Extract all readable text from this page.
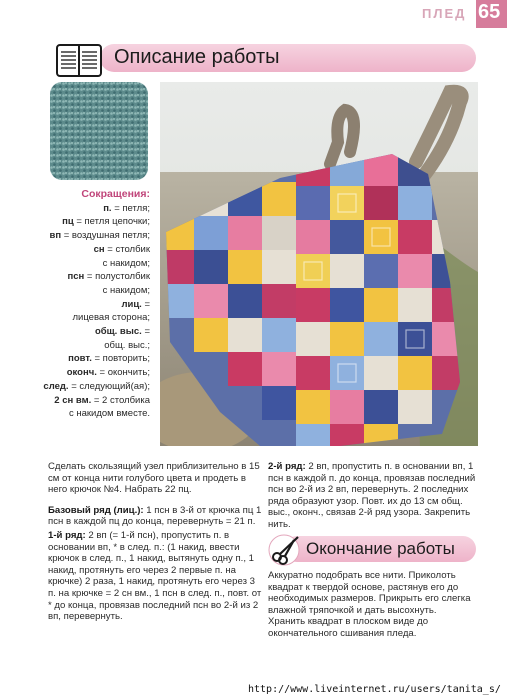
ПЛЕД 65
Описание работы
Сокращения:
п. = петля;
пц = петля цепочки;
вп = воздушная петля;
сн = столбик
с накидом;
псн = полустолбик
с накидом;
лиц. =
лицевая сторона;
общ. выс. =
общ. выс.;
повт. = повторить;
оконч. = окончить;
след. = следующий(ая);
2 сн вм. = 2 столбика
с накидом вместе.

Сделать скользящий узел приблизительно в 15 см от конца нити голубого цвета и продеть в него крючок №4. Набрать 22 пц.

Базовый ряд (лиц.): 1 псн в 3-й от крючка пц 1 псн в каждой пц до конца, перевернуть = 21 п.

1-й ряд: 2 вп (= 1-й псн), пропустить п. в основании вп, * в след. п.: (1 накид, ввести крючок в след. п., 1 накид, вытянуть одну п., 1 накид, протянуть его через 2 первые п. на крючке) 2 раза, 1 накид, протянуть его через 3 п. на крючке = 2 сн вм., 1 псн в след. п., повт. от * до конца, провязав последний псн во 2-й из 2 вп, перевернуть.

2-й ряд: 2 вп, пропустить п. в основании вп, 1 псн в каждой п. до конца, провязав последний псн во 2-й из 2 вп, перевернуть. 2 последних ряда образуют узор. Повт. их до 13 см общ. выс., оконч., связав 2-й ряд узора. Закрепить нить.

Окончание работы
Аккуратно подобрать все нити. Приколоть квадрат к твердой основе, растянув его до необходимых размеров. Прикрыть его слегка влажной тряпочкой и дать высохнуть. Хранить квадрат в плоском виде до окончательного сшивания пледа.
http://www.liveinternet.ru/users/tanita_s/
